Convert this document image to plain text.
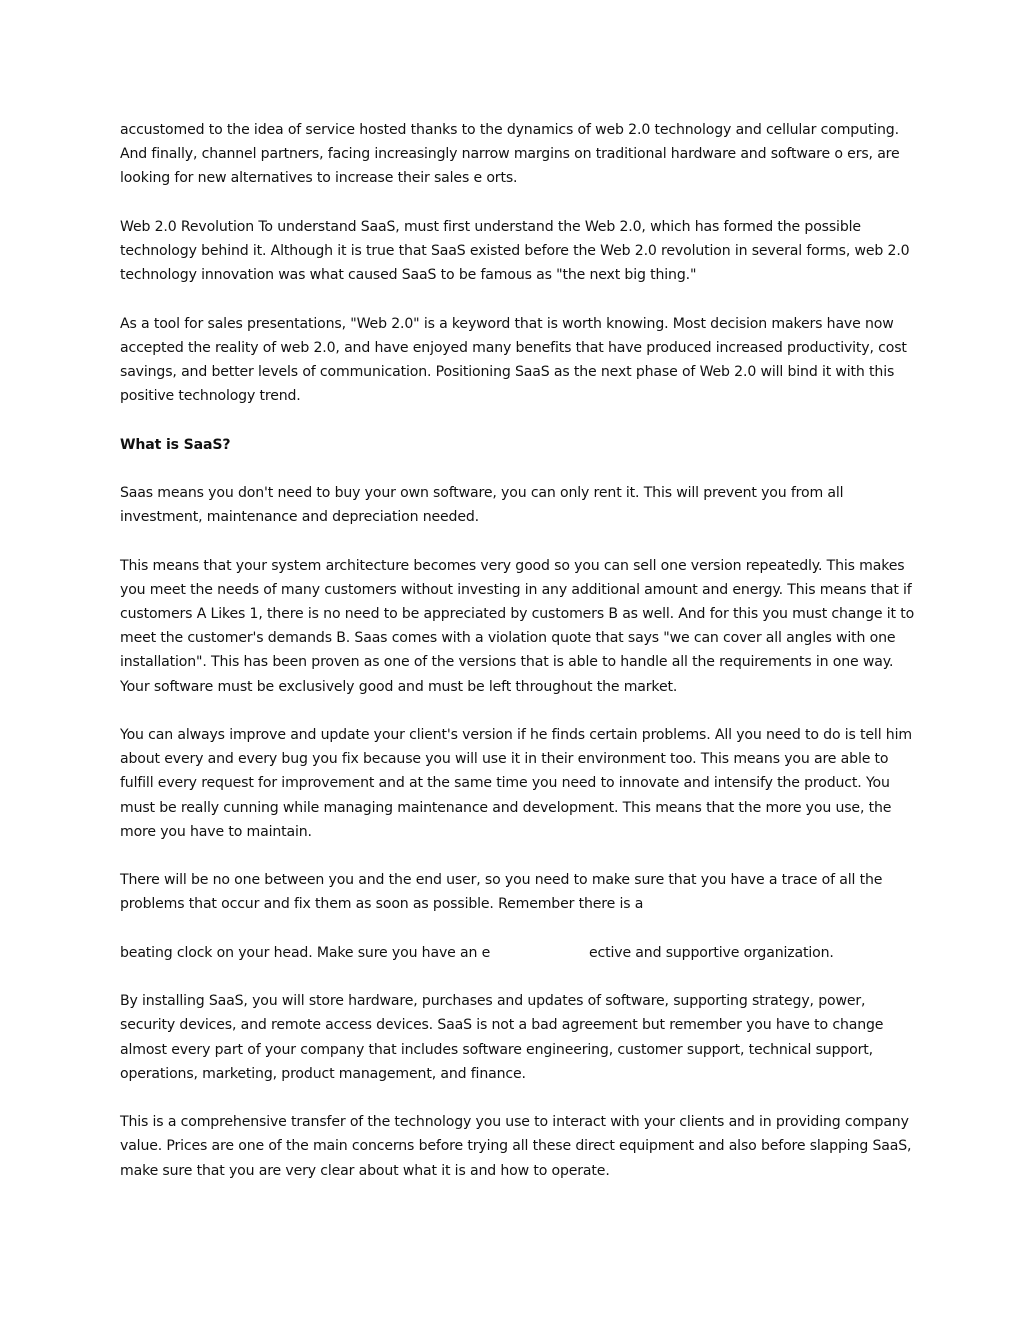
accustomed to the idea of service hosted thanks to the dynamics of web 2.0 technology and cellular computing.
And finally, channel partners, facing increasingly narrow margins on traditional hardware and software o ers, are
looking for new alternatives to increase their sales e orts.
Web 2.0 Revolution To understand SaaS, must first understand the Web 2.0, which has formed the possible
technology behind it. Although it is true that SaaS existed before the Web 2.0 revolution in several forms, web 2.0
technology innovation was what caused SaaS to be famous as "the next big thing."
As a tool for sales presentations, "Web 2.0" is a keyword that is worth knowing. Most decision makers have now
accepted the reality of web 2.0, and have enjoyed many benefits that have produced increased productivity, cost
savings, and better levels of communication. Positioning SaaS as the next phase of Web 2.0 will bind it with this
positive technology trend.
What is SaaS?
Saas means you don't need to buy your own software, you can only rent it. This will prevent you from all
investment, maintenance and depreciation needed.
This means that your system architecture becomes very good so you can sell one version repeatedly. This makes
you meet the needs of many customers without investing in any additional amount and energy. This means that if
customers A Likes 1, there is no need to be appreciated by customers B as well. And for this you must change it to
meet the customer's demands B. Saas comes with a violation quote that says "we can cover all angles with one
installation". This has been proven as one of the versions that is able to handle all the requirements in one way.
Your software must be exclusively good and must be left throughout the market.
You can always improve and update your client's version if he finds certain problems. All you need to do is tell him
about every and every bug you fix because you will use it in their environment too. This means you are able to
fulfill every request for improvement and at the same time you need to innovate and intensify the product. You
must be really cunning while managing maintenance and development. This means that the more you use, the
more you have to maintain.
There will be no one between you and the end user, so you need to make sure that you have a trace of all the
problems that occur and fix them as soon as possible. Remember there is a
beating clock on your head. Make sure you have an e	ective and supportive organization.
By installing SaaS, you will store hardware, purchases and updates of software, supporting strategy, power,
security devices, and remote access devices. SaaS is not a bad agreement but remember you have to change
almost every part of your company that includes software engineering, customer support, technical support,
operations, marketing, product management, and finance.
This is a comprehensive transfer of the technology you use to interact with your clients and in providing company
value. Prices are one of the main concerns before trying all these direct equipment and also before slapping SaaS,
make sure that you are very clear about what it is and how to operate.
